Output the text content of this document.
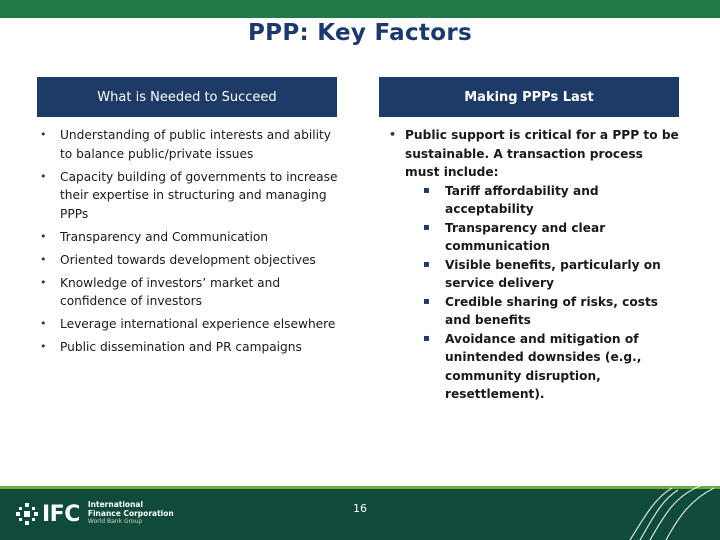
PPP: Key Factors
What is Needed to Succeed	Making PPPs Last
• Understanding of public interests and ability to balance public/private issues
• Capacity building of governments to increase their expertise in structuring and managing PPPs
• Transparency and Communication
• Oriented towards development objectives
• Knowledge of investors’ market and confidence of investors
• Leverage international experience elsewhere
• Public dissemination and PR campaigns
• Public support is critical for a PPP to be sustainable. A transaction process must include:
▪ Tariff affordability and acceptability
▪ Transparency and clear communication
▪ Visible benefits, particularly on service delivery
▪ Credible sharing of risks, costs and benefits
▪ Avoidance and mitigation of unintended downsides (e.g., community disruption, resettlement).
IFC International
Finance Corporation
World Bank Group
16
